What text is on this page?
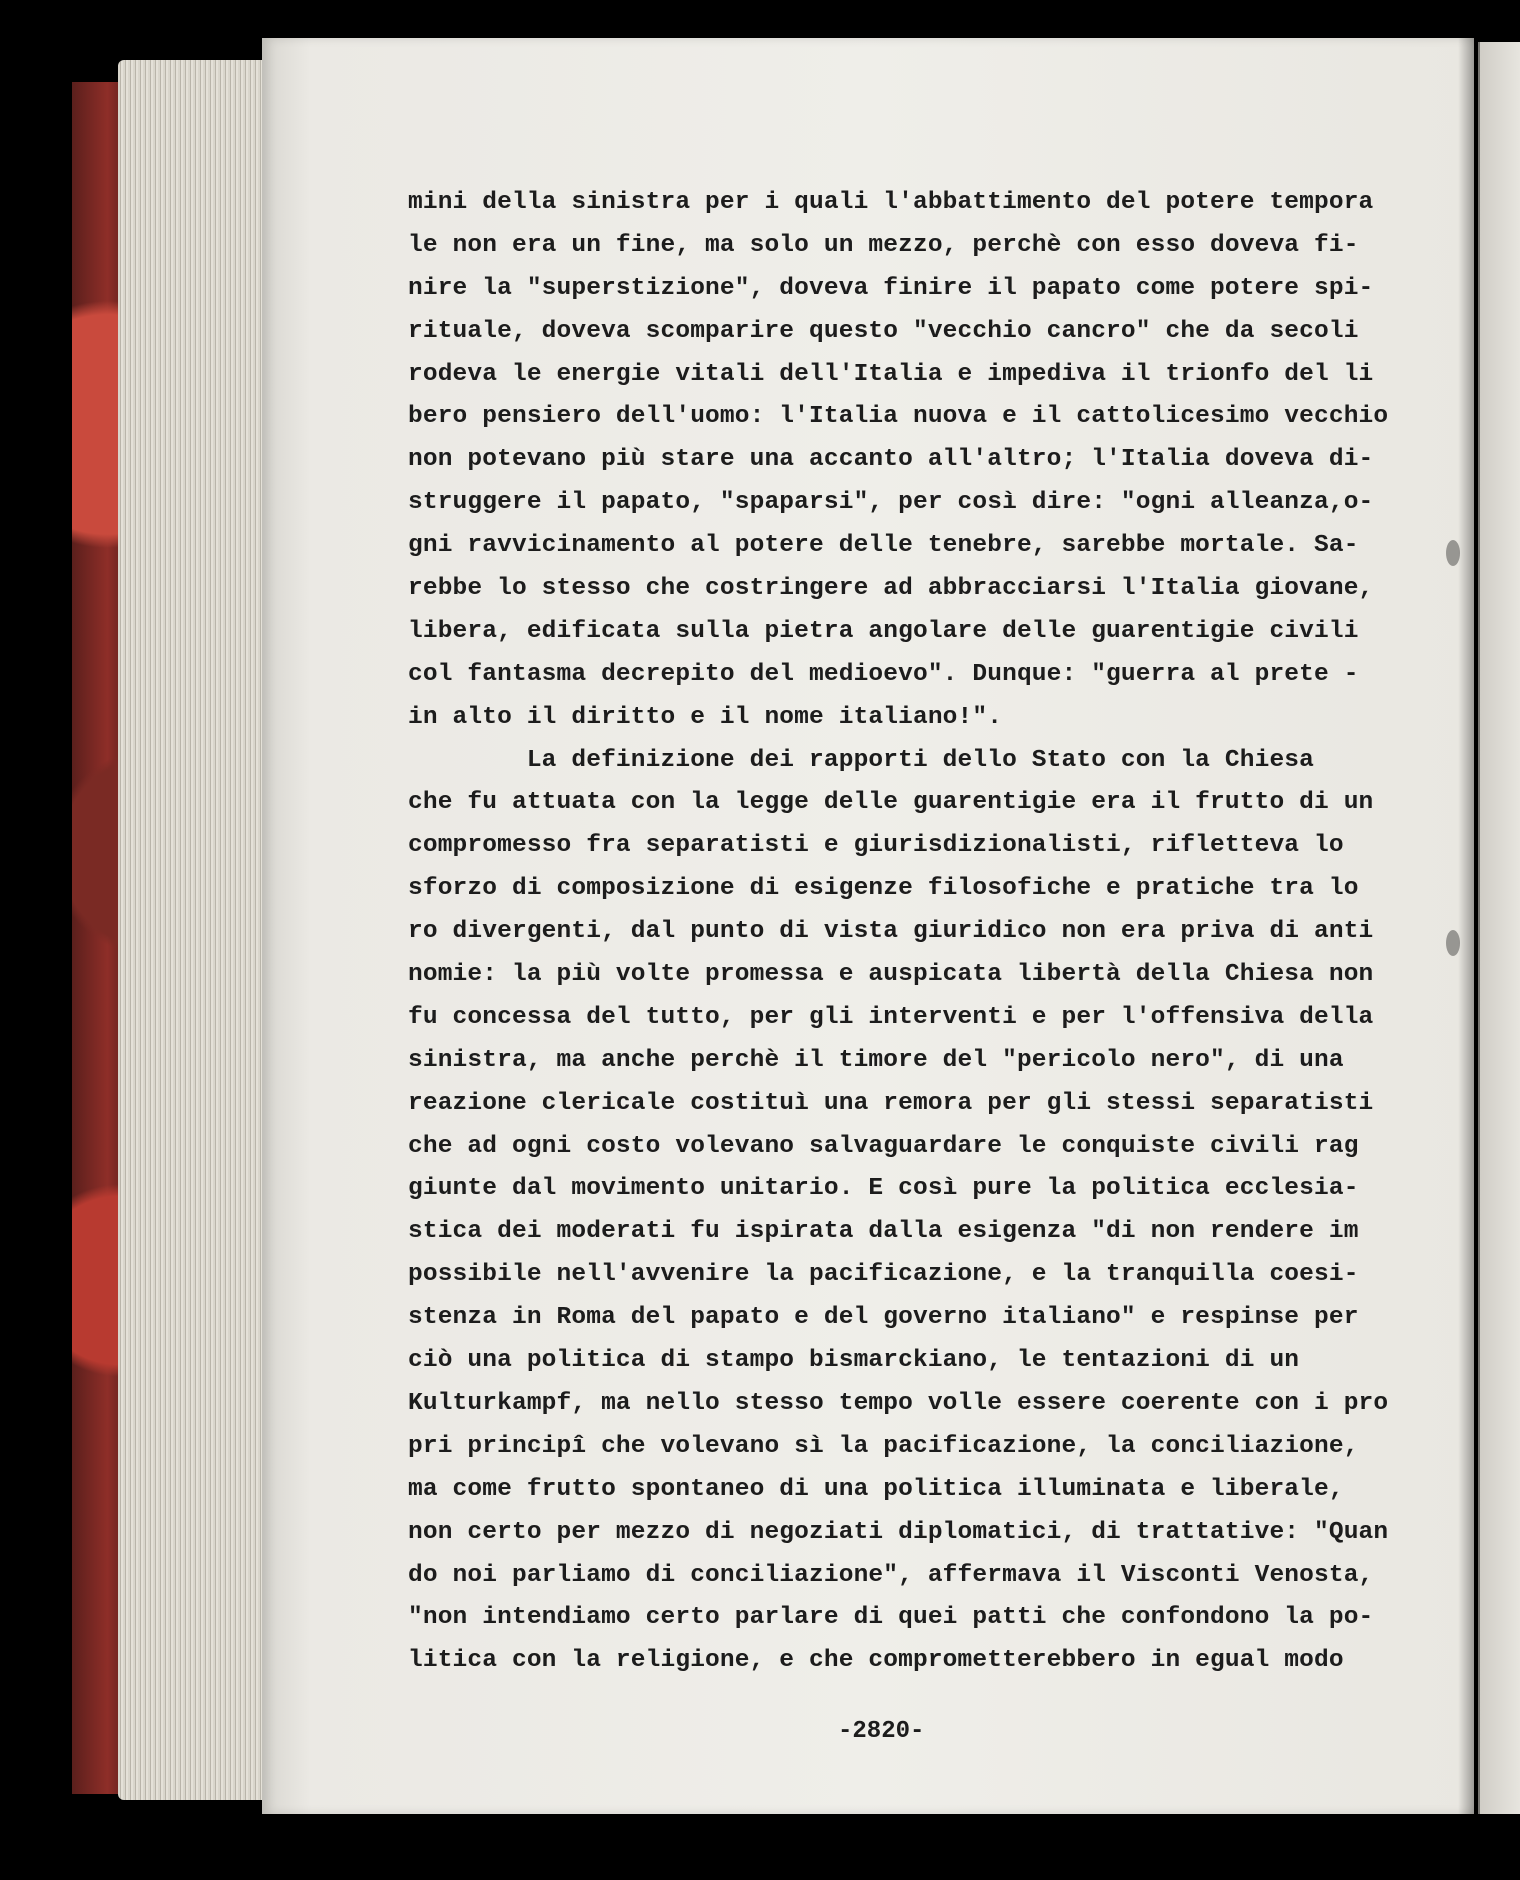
mini della sinistra per i quali l'abbattimento del potere tempora
le non era un fine, ma solo un mezzo, perchè con esso doveva fi-
nire la "superstizione", doveva finire il papato come potere spi-
rituale, doveva scomparire questo "vecchio cancro" che da secoli
rodeva le energie vitali dell'Italia e impediva il trionfo del li
bero pensiero dell'uomo: l'Italia nuova e il cattolicesimo vecchio
non potevano più stare una accanto all'altro; l'Italia doveva di-
struggere il papato, "spaparsi", per così dire: "ogni alleanza,o-
gni ravvicinamento al potere delle tenebre, sarebbe mortale. Sa-
rebbe lo stesso che costringere ad abbracciarsi l'Italia giovane,
libera, edificata sulla pietra angolare delle guarentigie civili
col fantasma decrepito del medioevo". Dunque: "guerra al prete -
in alto il diritto e il nome italiano!".
La definizione dei rapporti dello Stato con la Chiesa
che fu attuata con la legge delle guarentigie era il frutto di un
compromesso fra separatisti e giurisdizionalisti, rifletteva lo
sforzo di composizione di esigenze filosofiche e pratiche tra lo
ro divergenti, dal punto di vista giuridico non era priva di anti
nomie: la più volte promessa e auspicata libertà della Chiesa non
fu concessa del tutto, per gli interventi e per l'offensiva della
sinistra, ma anche perchè il timore del "pericolo nero", di una
reazione clericale costituì una remora per gli stessi separatisti
che ad ogni costo volevano salvaguardare le conquiste civili rag
giunte dal movimento unitario. E così pure la politica ecclesia-
stica dei moderati fu ispirata dalla esigenza "di non rendere im
possibile nell'avvenire la pacificazione, e la tranquilla coesi-
stenza in Roma del papato e del governo italiano" e respinse per
ciò una politica di stampo bismarckiano, le tentazioni di un
Kulturkampf, ma nello stesso tempo volle essere coerente con i pro
pri principî che volevano sì la pacificazione, la conciliazione,
ma come frutto spontaneo di una politica illuminata e liberale,
non certo per mezzo di negoziati diplomatici, di trattative: "Quan
do noi parliamo di conciliazione", affermava il Visconti Venosta,
"non intendiamo certo parlare di quei patti che confondono la po-
litica con la religione, e che comprometterebbero in egual modo
-2820-
